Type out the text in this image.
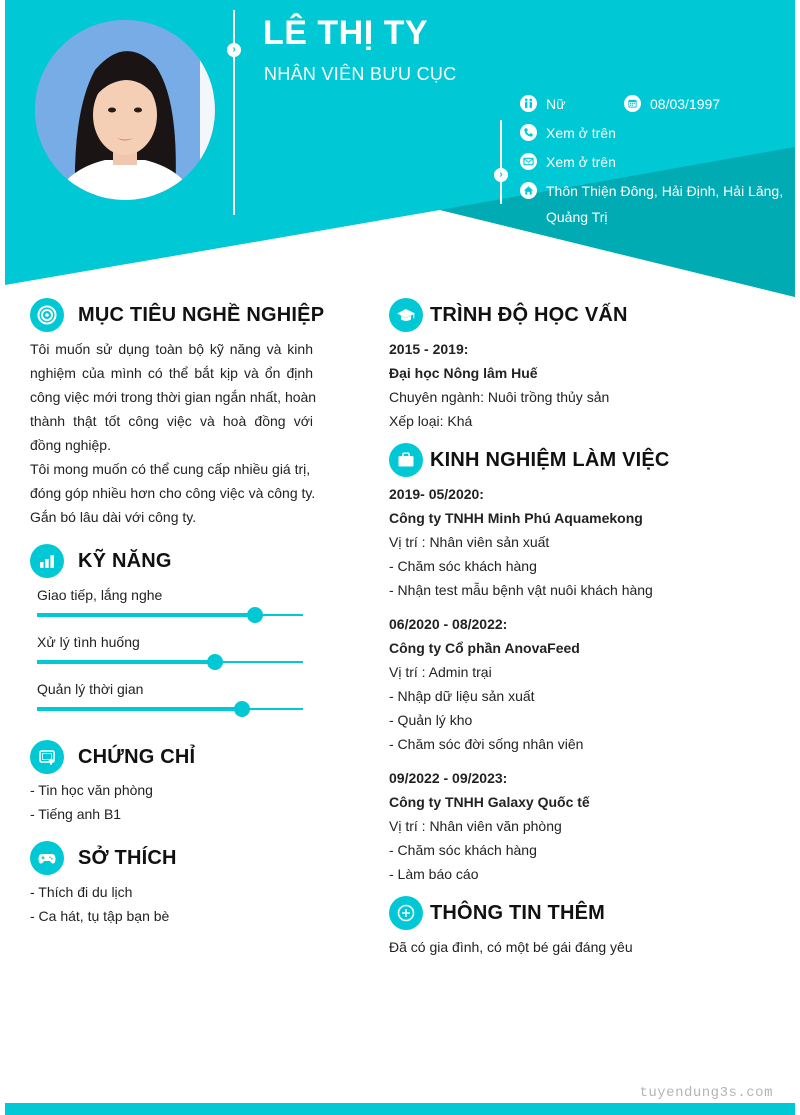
›
›
LÊ THỊ TY
NHÂN VIÊN BƯU CỤC
Nữ	08/03/1997
Xem ở trên
Xem ở trên
Thôn Thiện Đông, Hải Định, Hải Lăng,
Quảng Trị
MỤC TIÊU NGHỀ NGHIỆP
Tôi muốn sử dụng toàn bộ kỹ năng và kinh
nghiệm của mình có thể bắt kịp và ổn định
công việc mới trong thời gian ngắn nhất, hoàn
thành thật tốt công việc và hoà đồng với
đồng nghiệp.
Tôi mong muốn có thể cung cấp nhiều giá trị,
đóng góp nhiều hơn cho công việc và công ty.
Gắn bó lâu dài với công ty.
KỸ NĂNG
Giao tiếp, lắng nghe
Xử lý tình huống
Quản lý thời gian
CHỨNG CHỈ
- Tin học văn phòng
- Tiếng anh B1
SỞ THÍCH
- Thích đi du lịch
- Ca hát, tụ tập bạn bè
TRÌNH ĐỘ HỌC VẤN
2015 - 2019:
Đại học Nông lâm Huế
Chuyên ngành: Nuôi trồng thủy sản
Xếp loại: Khá
KINH NGHIỆM LÀM VIỆC
2019- 05/2020:
Công ty TNHH Minh Phú Aquamekong
Vị trí : Nhân viên sản xuất
- Chăm sóc khách hàng
- Nhận test mẫu bệnh vật nuôi khách hàng
06/2020 - 08/2022:
Công ty Cổ phần AnovaFeed
Vị trí : Admin trại
- Nhập dữ liệu sản xuất
- Quản lý kho
- Chăm sóc đời sống nhân viên
09/2022 - 09/2023:
Công ty TNHH Galaxy Quốc tế
Vị trí : Nhân viên văn phòng
- Chăm sóc khách hàng
- Làm báo cáo
THÔNG TIN THÊM
Đã có gia đình, có một bé gái đáng yêu
tuyendung3s.com
